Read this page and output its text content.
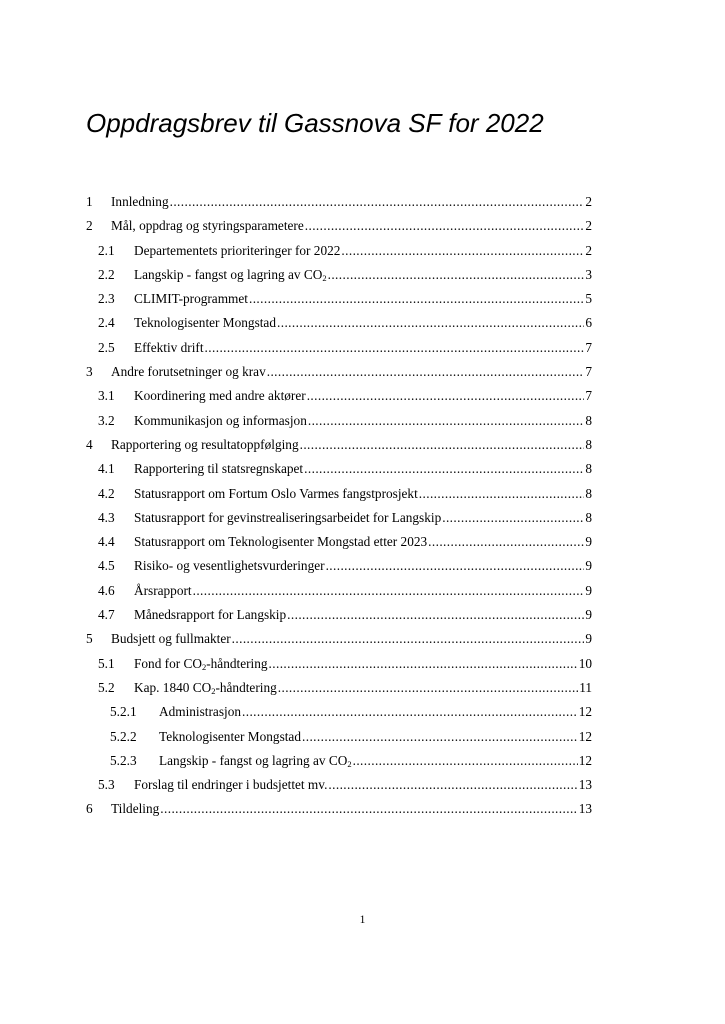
Oppdragsbrev til Gassnova SF for 2022
1 Innledning .....	2
2 Mål, oppdrag og styringsparametere .....	2
2.1 Departementets prioriteringer for 2022 .....	2
2.2 Langskip - fangst og lagring av $CO_2$ .....	3
2.3 CLIMIT-programmet .....	5
2.4 Teknologisenter Mongstad .....	6
2.5 Effektiv drift .....	7
3 Andre forutsetninger og krav .....	7
3.1 Koordinering med andre aktører .....	7
3.2 Kommunikasjon og informasjon .....	8
4 Rapportering og resultatoppfølging .....	8
4.1 Rapportering til statsregnskapet .....	8
4.2 Statusrapport om Fortum Oslo Varmes fangstprosjekt .....	8
4.3 Statusrapport for gevinstrealiseringsarbeidet for Langskip .....	8
4.4 Statusrapport om Teknologisenter Mongstad etter 2023 .....	9
4.5 Risiko- og vesentlighetsvurderinger .....	9
4.6 Årsrapport .....	9
4.7 Månedsrapport for Langskip .....	9
5 Budsjett og fullmakter .....	9
5.1 Fond for $CO_2$-håndtering .....	10
5.2 Kap. 1840 $CO_2$-håndtering .....	11
5.2.1 Administrasjon .....	12
5.2.2 Teknologisenter Mongstad .....	12
5.2.3 Langskip - fangst og lagring av $CO_2$ .....	12
5.3 Forslag til endringer i budsjettet mv. .....	13
6 Tildeling .....	13
1
